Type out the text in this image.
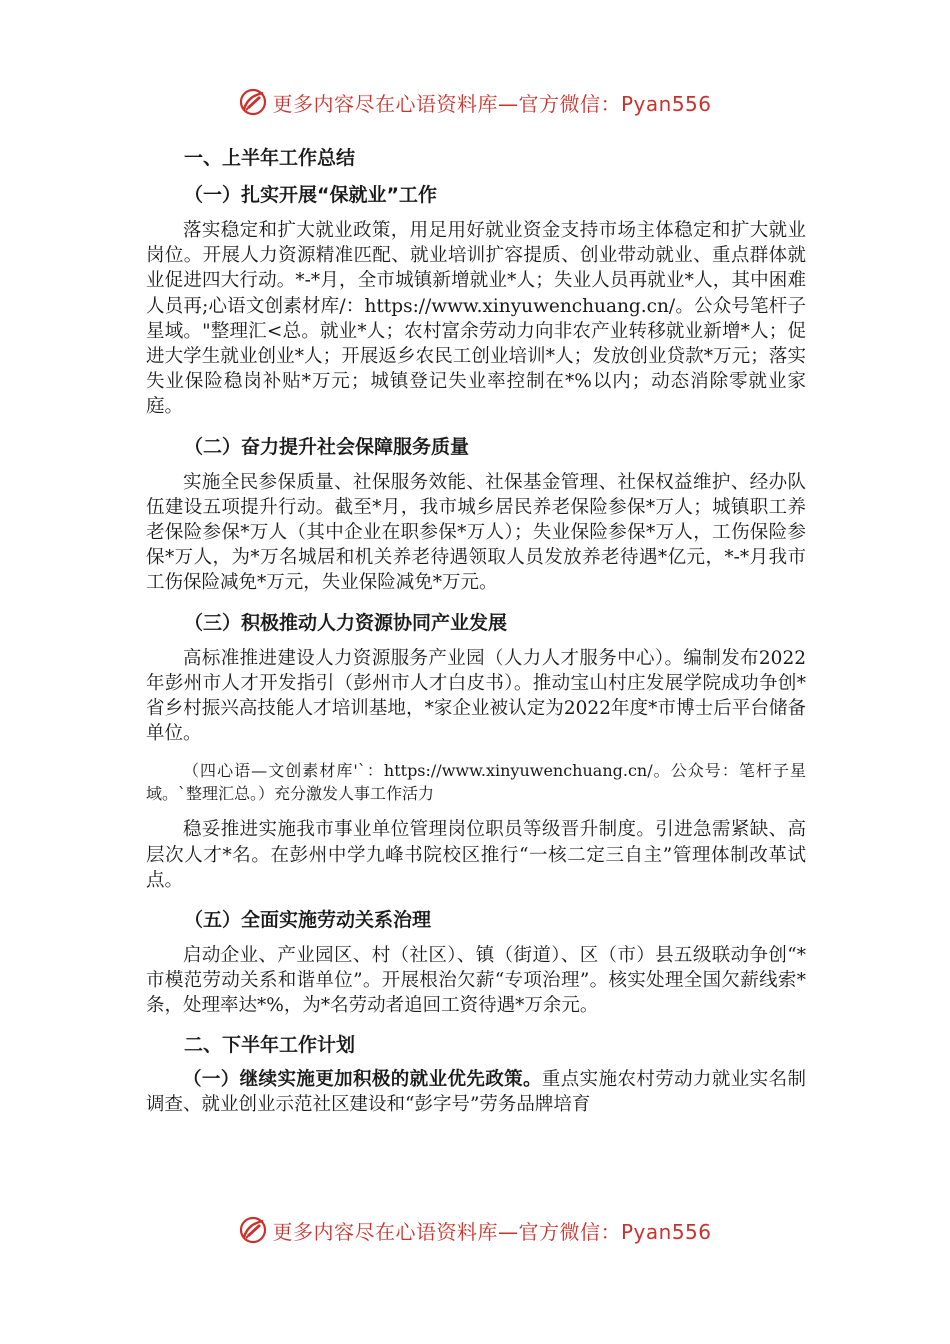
更多内容尽在心语资料库—官方微信：Pyan556
一、上半年工作总结
（一）扎实开展“保就业”工作

落实稳定和扩大就业政策，用足用好就业资金支持市场主体稳定和扩大就业岗位。开展人力资源精准匹配、就业培训扩容提质、创业带动就业、重点群体就业促进四大行动。*-*月，全市城镇新增就业*人；失业人员再就业*人，其中困难人员再;心语文创素材库/：https://www.xinyuwenchuang.cn/。公众号笔杆子星域。"整理汇<总。就业*人；农村富余劳动力向非农产业转移就业新增*人；促进大学生就业创业*人；开展返乡农民工创业培训*人；发放创业贷款*万元；落实失业保险稳岗补贴*万元；城镇登记失业率控制在*%以内；动态消除零就业家庭。

（二）奋力提升社会保障服务质量

实施全民参保质量、社保服务效能、社保基金管理、社保权益维护、经办队伍建设五项提升行动。截至*月，我市城乡居民养老保险参保*万人；城镇职工养老保险参保*万人（其中企业在职参保*万人）；失业保险参保*万人，工伤保险参保*万人，为*万名城居和机关养老待遇领取人员发放养老待遇*亿元，*-*月我市工伤保险减免*万元，失业保险减免*万元。

（三）积极推动人力资源协同产业发展

高标准推进建设人力资源服务产业园（人力人才服务中心）。编制发布2022年彭州市人才开发指引（彭州市人才白皮书）。推动宝山村庄发展学院成功争创*省乡村振兴高技能人才培训基地，*家企业被认定为2022年度*市博士后平台储备单位。

（四心语—文创素材库'`：https://www.xinyuwenchuang.cn/。公众号：笔杆子星域。`整理汇总。）充分激发人事工作活力

稳妥推进实施我市事业单位管理岗位职员等级晋升制度。引进急需紧缺、高层次人才*名。在彭州中学九峰书院校区推行“一核二定三自主”管理体制改革试点。

（五）全面实施劳动关系治理

启动企业、产业园区、村（社区）、镇（街道）、区（市）县五级联动争创“*市模范劳动关系和谐单位”。开展根治欠薪“专项治理”。核实处理全国欠薪线索*条，处理率达*%，为*名劳动者追回工资待遇*万余元。

二、下半年工作计划

（一）继续实施更加积极的就业优先政策。重点实施农村劳动力就业实名制调查、就业创业示范社区建设和“彭字号”劳务品牌培育

更多内容尽在心语资料库—官方微信：Pyan556
